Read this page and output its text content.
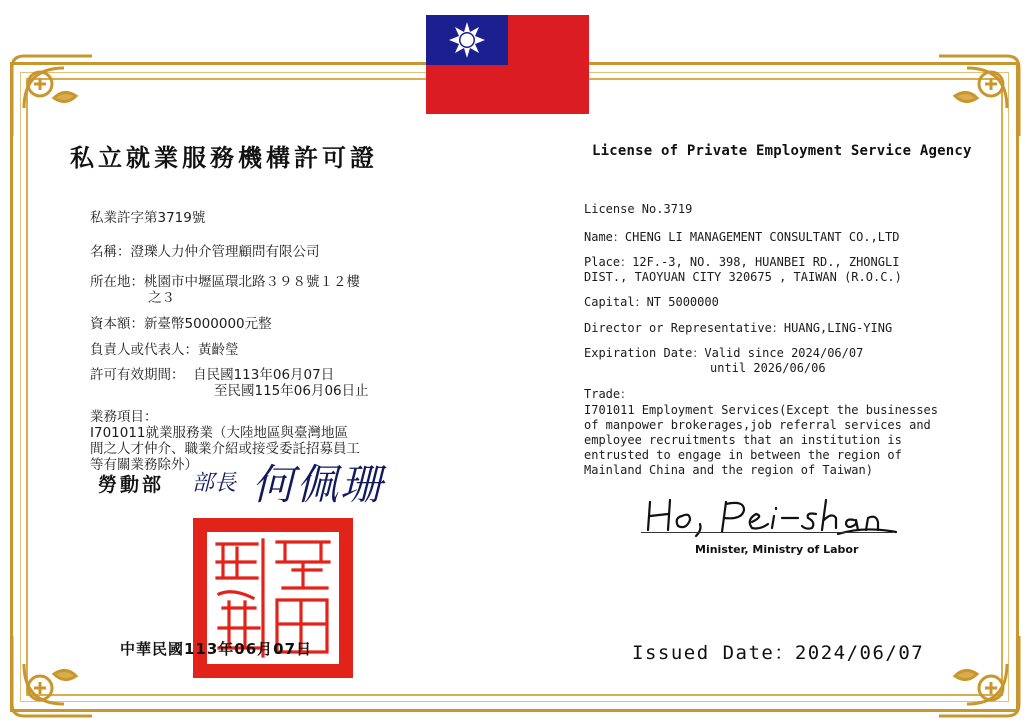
私立就業服務機構許可證	License of Private Employment Service Agency
私業許字第3719號
名稱：澄瓅人力仲介管理顧問有限公司
所在地：桃園市中壢區環北路３９８號１２樓
之３
資本額：新臺幣5000000元整
負責人或代表人：黃齡瑩
許可有效期間： 自民國113年06月07日
至民國115年06月06日止
業務項目：
I701011就業服務業（大陸地區與臺灣地區
間之人才仲介、職業介紹或接受委託招募員工
等有關業務除外）
License No.3719
Name：CHENG LI MANAGEMENT CONSULTANT CO.,LTD
Place：12F.-3, NO. 398, HUANBEI RD., ZHONGLI
DIST., TAOYUAN CITY 320675 , TAIWAN (R.O.C.)
Capital：NT 5000000
Director or Representative：HUANG,LING-YING
Expiration Date：Valid since 2024/06/07
until 2026/06/06
Trade：
I701011 Employment Services(Except the businesses
of manpower brokerages,job referral services and
employee recruitments that an institution is
entrusted to engage in between the region of
Mainland China and the region of Taiwan)
勞動部 部長 何佩珊
Minister, Ministry of Labor
中華民國113年06月07日	Issued Date：2024/06/07
